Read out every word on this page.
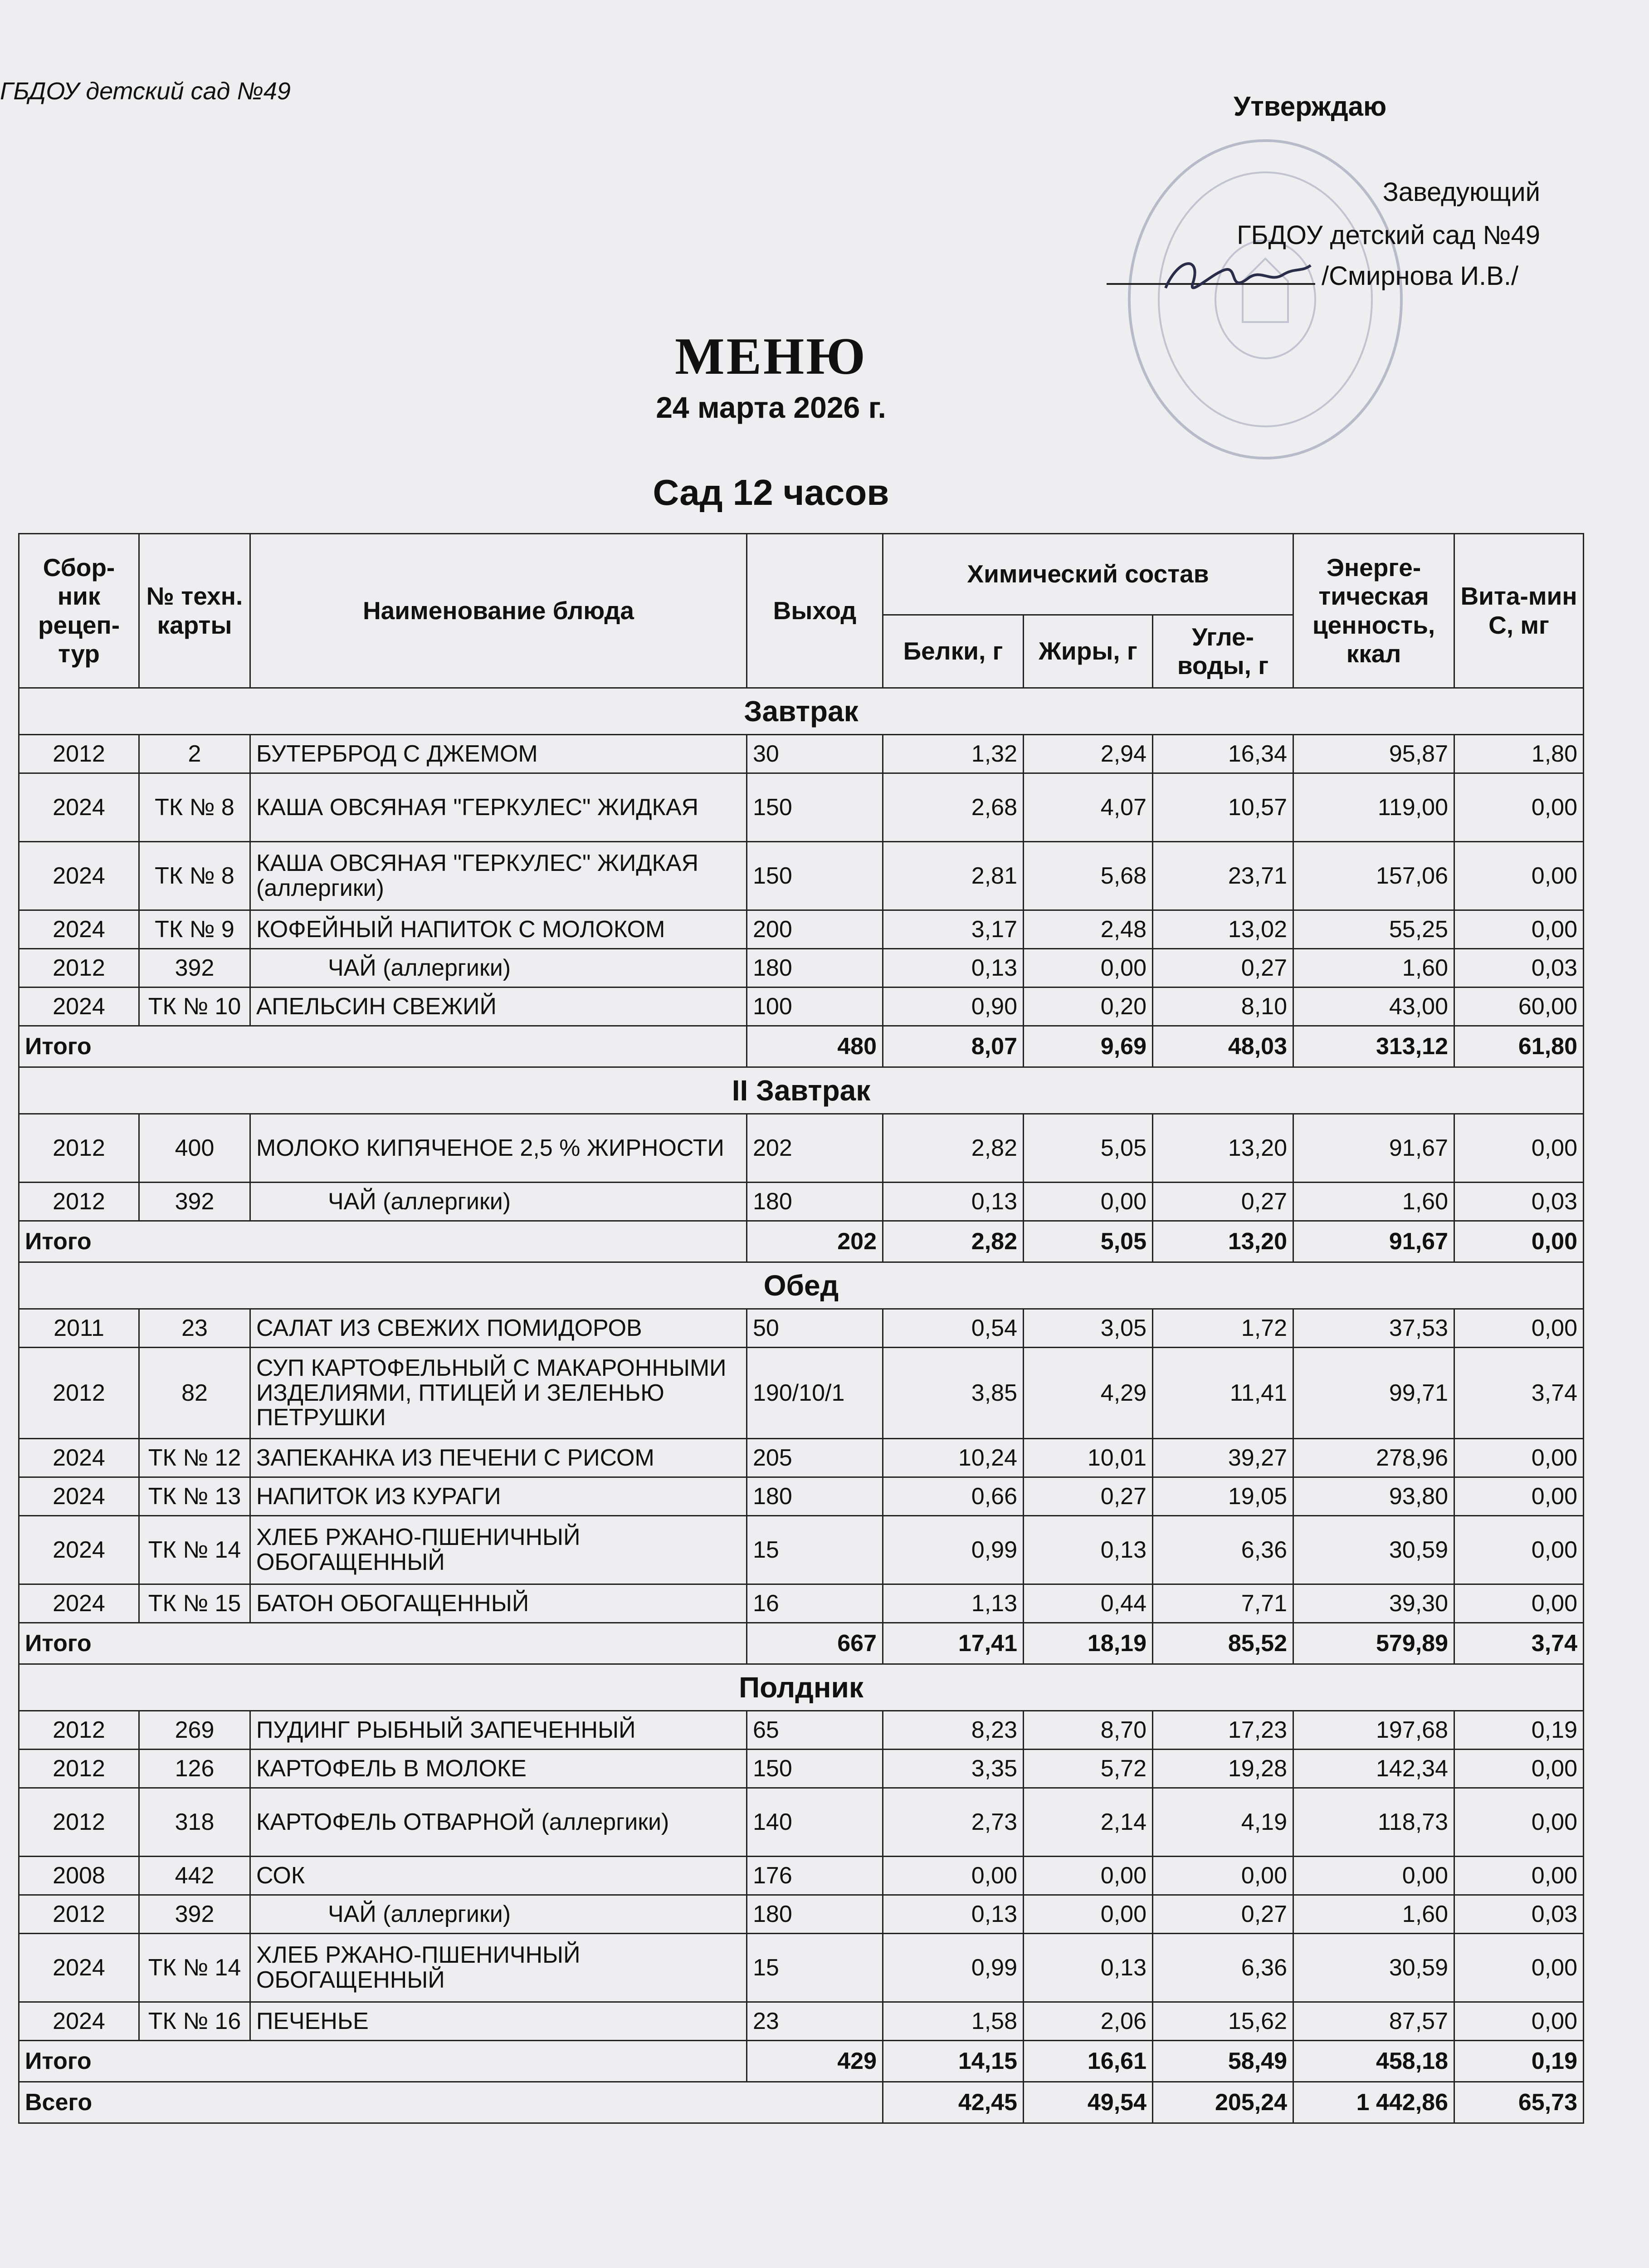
ГБДОУ детский сад №49	Утверждаю
Заведующий
ГБДОУ детский сад №49
/Смирнова И.В./
МЕНЮ
24 марта 2026 г.
Сад 12 часов
Сбор-ник рецеп-тур	№ техн. карты	Наименование блюда	Выход	Химический состав			Энерге-тическая ценность, ккал	Вита-мин С, мг
				Белки, г	Жиры, г	Угле-воды, г		
Завтрак								
2012	2	БУТЕРБРОД С ДЖЕМОМ	30	1,32	2,94	16,34	95,87	1,80
2024	ТК № 8	КАША ОВСЯНАЯ "ГЕРКУЛЕС" ЖИДКАЯ	150	2,68	4,07	10,57	119,00	0,00
2024	ТК № 8	КАША ОВСЯНАЯ "ГЕРКУЛЕС" ЖИДКАЯ (аллергики)	150	2,81	5,68	23,71	157,06	0,00
2024	ТК № 9	КОФЕЙНЫЙ НАПИТОК С МОЛОКОМ	200	3,17	2,48	13,02	55,25	0,00
2012	392	ЧАЙ (аллергики)	180	0,13	0,00	0,27	1,60	0,03
2024	ТК № 10	АПЕЛЬСИН СВЕЖИЙ	100	0,90	0,20	8,10	43,00	60,00
Итого			480	8,07	9,69	48,03	313,12	61,80
II Завтрак								
2012	400	МОЛОКО КИПЯЧЕНОЕ 2,5 % ЖИРНОСТИ	202	2,82	5,05	13,20	91,67	0,00
2012	392	ЧАЙ (аллергики)	180	0,13	0,00	0,27	1,60	0,03
Итого			202	2,82	5,05	13,20	91,67	0,00
Обед								
2011	23	САЛАТ ИЗ СВЕЖИХ ПОМИДОРОВ	50	0,54	3,05	1,72	37,53	0,00
2012	82	СУП КАРТОФЕЛЬНЫЙ С МАКАРОННЫМИ ИЗДЕЛИЯМИ, ПТИЦЕЙ И ЗЕЛЕНЬЮ ПЕТРУШКИ	190/10/1	3,85	4,29	11,41	99,71	3,74
2024	ТК № 12	ЗАПЕКАНКА ИЗ ПЕЧЕНИ С РИСОМ	205	10,24	10,01	39,27	278,96	0,00
2024	ТК № 13	НАПИТОК ИЗ КУРАГИ	180	0,66	0,27	19,05	93,80	0,00
2024	ТК № 14	ХЛЕБ РЖАНО-ПШЕНИЧНЫЙ ОБОГАЩЕННЫЙ	15	0,99	0,13	6,36	30,59	0,00
2024	ТК № 15	БАТОН ОБОГАЩЕННЫЙ	16	1,13	0,44	7,71	39,30	0,00
Итого			667	17,41	18,19	85,52	579,89	3,74
Полдник								
2012	269	ПУДИНГ РЫБНЫЙ ЗАПЕЧЕННЫЙ	65	8,23	8,70	17,23	197,68	0,19
2012	126	КАРТОФЕЛЬ В МОЛОКЕ	150	3,35	5,72	19,28	142,34	0,00
2012	318	КАРТОФЕЛЬ ОТВАРНОЙ (аллергики)	140	2,73	2,14	4,19	118,73	0,00
2008	442	СОК	176	0,00	0,00	0,00	0,00	0,00
2012	392	ЧАЙ (аллергики)	180	0,13	0,00	0,27	1,60	0,03
2024	ТК № 14	ХЛЕБ РЖАНО-ПШЕНИЧНЫЙ ОБОГАЩЕННЫЙ	15	0,99	0,13	6,36	30,59	0,00
2024	ТК № 16	ПЕЧЕНЬЕ	23	1,58	2,06	15,62	87,57	0,00
Итого			429	14,15	16,61	58,49	458,18	0,19
Всего				42,45	49,54	205,24	1 442,86	65,73
